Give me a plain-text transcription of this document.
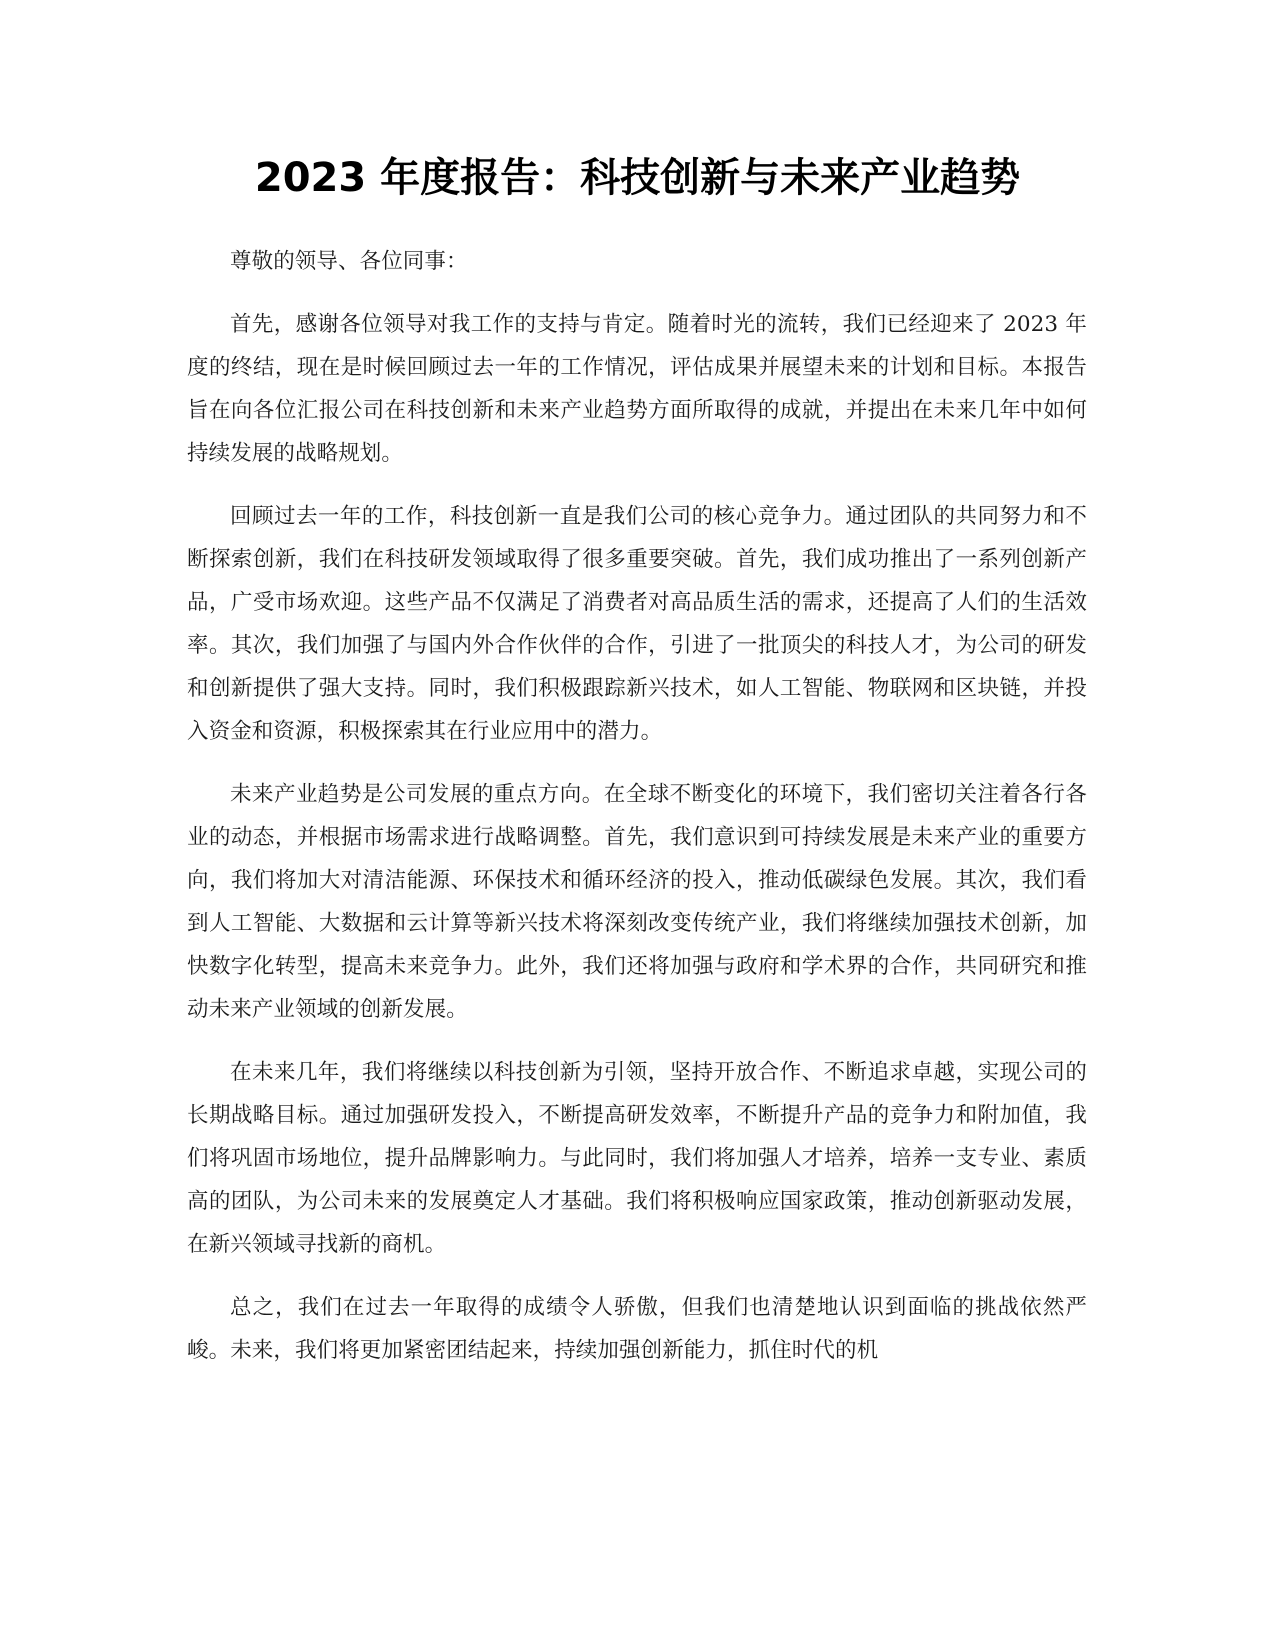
2023 年度报告：科技创新与未来产业趋势

尊敬的领导、各位同事：

首先，感谢各位领导对我工作的支持与肯定。随着时光的流转，我们已经迎来了 2023 年度的终结，现在是时候回顾过去一年的工作情况，评估成果并展望未来的计划和目标。本报告旨在向各位汇报公司在科技创新和未来产业趋势方面所取得的成就，并提出在未来几年中如何持续发展的战略规划。

回顾过去一年的工作，科技创新一直是我们公司的核心竞争力。通过团队的共同努力和不断探索创新，我们在科技研发领域取得了很多重要突破。首先，我们成功推出了一系列创新产品，广受市场欢迎。这些产品不仅满足了消费者对高品质生活的需求，还提高了人们的生活效率。其次，我们加强了与国内外合作伙伴的合作，引进了一批顶尖的科技人才，为公司的研发和创新提供了强大支持。同时，我们积极跟踪新兴技术，如人工智能、物联网和区块链，并投入资金和资源，积极探索其在行业应用中的潜力。

未来产业趋势是公司发展的重点方向。在全球不断变化的环境下，我们密切关注着各行各业的动态，并根据市场需求进行战略调整。首先，我们意识到可持续发展是未来产业的重要方向，我们将加大对清洁能源、环保技术和循环经济的投入，推动低碳绿色发展。其次，我们看到人工智能、大数据和云计算等新兴技术将深刻改变传统产业，我们将继续加强技术创新，加快数字化转型，提高未来竞争力。此外，我们还将加强与政府和学术界的合作，共同研究和推动未来产业领域的创新发展。

在未来几年，我们将继续以科技创新为引领，坚持开放合作、不断追求卓越，实现公司的长期战略目标。通过加强研发投入，不断提高研发效率，不断提升产品的竞争力和附加值，我们将巩固市场地位，提升品牌影响力。与此同时，我们将加强人才培养，培养一支专业、素质高的团队，为公司未来的发展奠定人才基础。我们将积极响应国家政策，推动创新驱动发展，在新兴领域寻找新的商机。

总之，我们在过去一年取得的成绩令人骄傲，但我们也清楚地认识到面临的挑战依然严峻。未来，我们将更加紧密团结起来，持续加强创新能力，抓住时代的机
